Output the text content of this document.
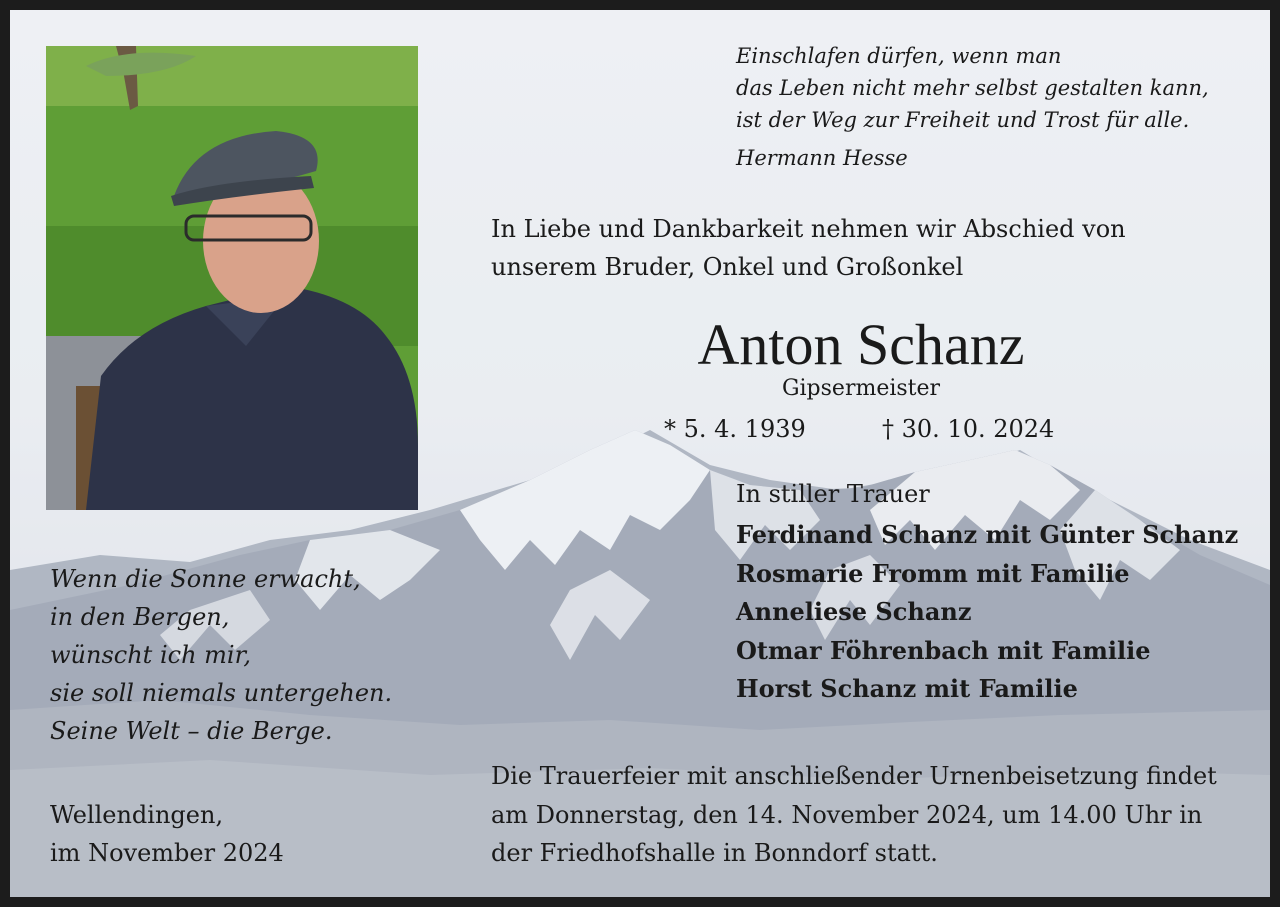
Einschlafen dürfen, wenn man
das Leben nicht mehr selbst gestalten kann,
ist der Weg zur Freiheit und Trost für alle.
Hermann Hesse
In Liebe und Dankbarkeit nehmen wir Abschied von
unserem Bruder, Onkel und Großonkel
Anton Schanz
Gipsermeister
* 5. 4. 1939	† 30. 10. 2024
In stiller Trauer
Ferdinand Schanz mit Günter Schanz
Rosmarie Fromm mit Familie
Anneliese Schanz
Otmar Föhrenbach mit Familie
Horst Schanz mit Familie
Wenn die Sonne erwacht,
in den Bergen,
wünscht ich mir,
sie soll niemals untergehen.
Seine Welt – die Berge.
Wellendingen,
im November 2024
Die Trauerfeier mit anschließender Urnenbeisetzung findet
am Donnerstag, den 14. November 2024, um 14.00 Uhr in
der Friedhofshalle in Bonndorf statt.
